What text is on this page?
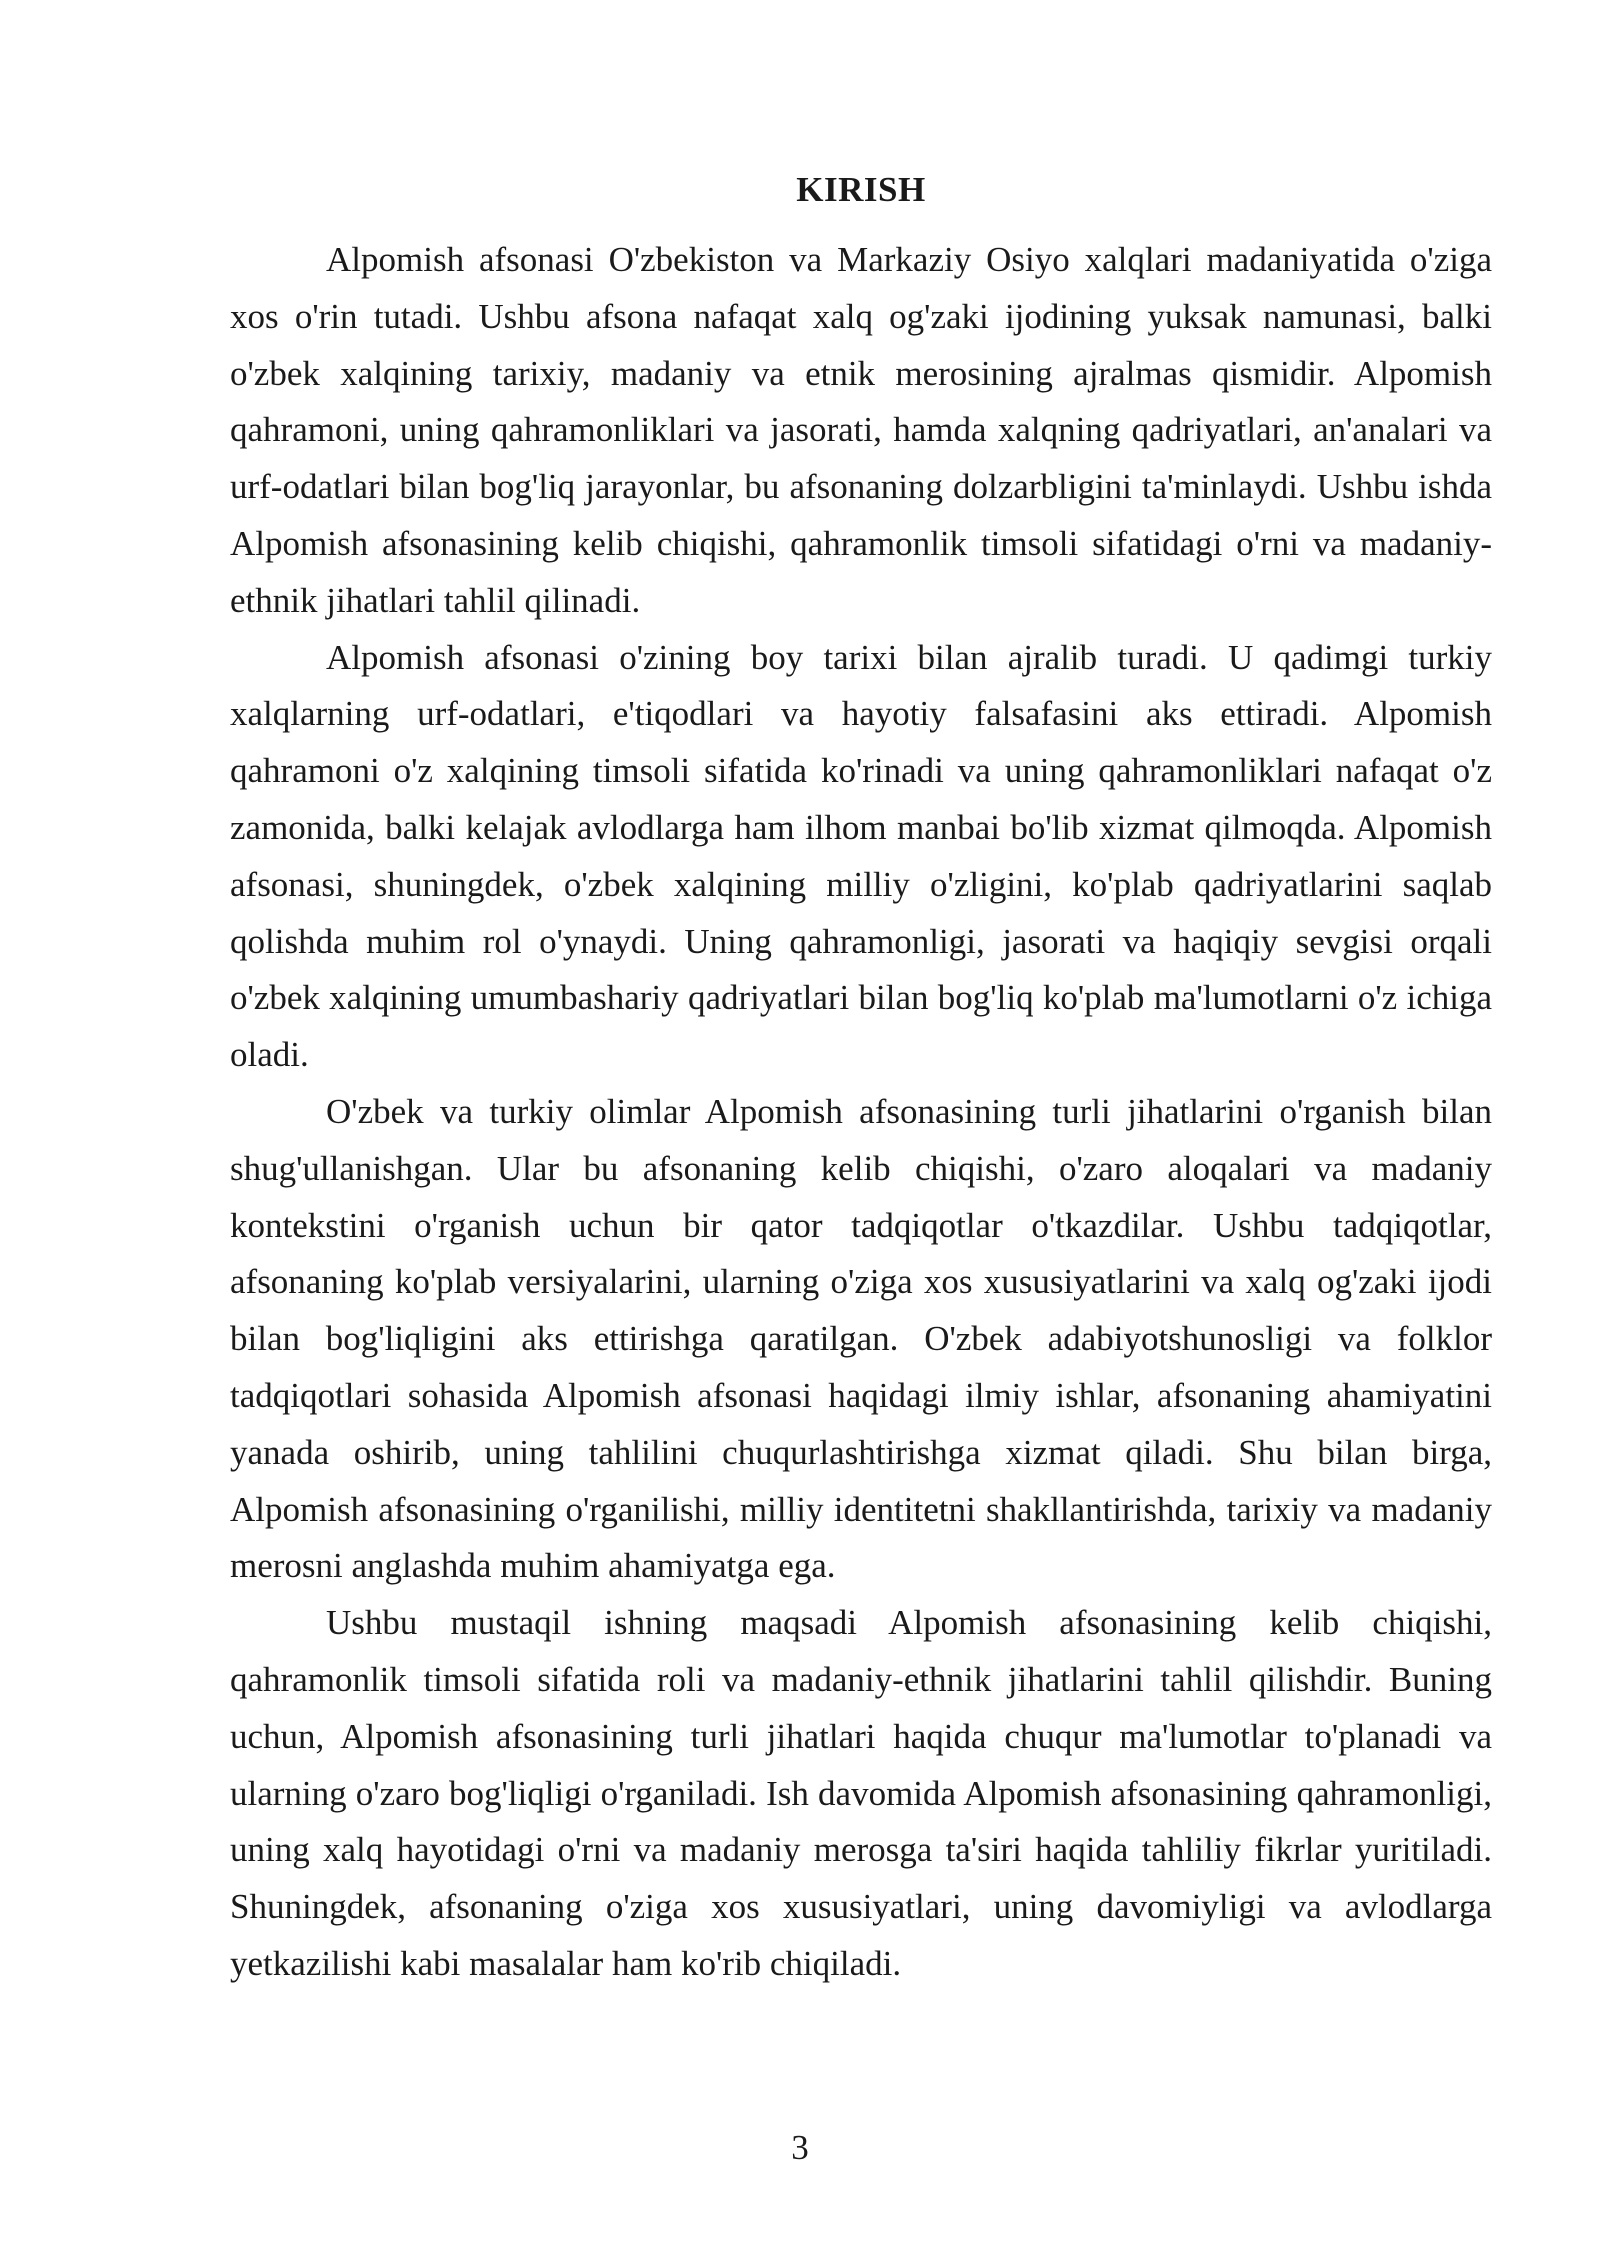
KIRISH

Alpomish afsonasi O'zbekiston va Markaziy Osiyo xalqlari madaniyatida o'ziga xos o'rin tutadi. Ushbu afsona nafaqat xalq og'zaki ijodining yuksak namunasi, balki o'zbek xalqining tarixiy, madaniy va etnik merosining ajralmas qismidir. Alpomish qahramoni, uning qahramonliklari va jasorati, hamda xalqning qadriyatlari, an'analari va urf-odatlari bilan bog'liq jarayonlar, bu afsonaning dolzarbligini ta'minlaydi. Ushbu ishda Alpomish afsonasining kelib chiqishi, qahramonlik timsoli sifatidagi o'rni va madaniy-ethnik jihatlari tahlil qilinadi.

Alpomish afsonasi o'zining boy tarixi bilan ajralib turadi. U qadimgi turkiy xalqlarning urf-odatlari, e'tiqodlari va hayotiy falsafasini aks ettiradi. Alpomish qahramoni o'z xalqining timsoli sifatida ko'rinadi va uning qahramonliklari nafaqat o'z zamonida, balki kelajak avlodlarga ham ilhom manbai bo'lib xizmat qilmoqda. Alpomish afsonasi, shuningdek, o'zbek xalqining milliy o'zligini, ko'plab qadriyatlarini saqlab qolishda muhim rol o'ynaydi. Uning qahramonligi, jasorati va haqiqiy sevgisi orqali o'zbek xalqining umumbashariy qadriyatlari bilan bog'liq ko'plab ma'lumotlarni o'z ichiga oladi.

O'zbek va turkiy olimlar Alpomish afsonasining turli jihatlarini o'rganish bilan shug'ullanishgan. Ular bu afsonaning kelib chiqishi, o'zaro aloqalari va madaniy kontekstini o'rganish uchun bir qator tadqiqotlar o'tkazdilar. Ushbu tadqiqotlar, afsonaning ko'plab versiyalarini, ularning o'ziga xos xususiyatlarini va xalq og'zaki ijodi bilan bog'liqligini aks ettirishga qaratilgan. O'zbek adabiyotshunosligi va folklor tadqiqotlari sohasida Alpomish afsonasi haqidagi ilmiy ishlar, afsonaning ahamiyatini yanada oshirib, uning tahlilini chuqurlashtirishga xizmat qiladi. Shu bilan birga, Alpomish afsonasining o'rganilishi, milliy identitetni shakllantirishda, tarixiy va madaniy merosni anglashda muhim ahamiyatga ega.

Ushbu mustaqil ishning maqsadi Alpomish afsonasining kelib chiqishi, qahramonlik timsoli sifatida roli va madaniy-ethnik jihatlarini tahlil qilishdir. Buning uchun, Alpomish afsonasining turli jihatlari haqida chuqur ma'lumotlar to'planadi va ularning o'zaro bog'liqligi o'rganiladi. Ish davomida Alpomish afsonasining qahramonligi, uning xalq hayotidagi o'rni va madaniy merosga ta'siri haqida tahliliy fikrlar yuritiladi. Shuningdek, afsonaning o'ziga xos xususiyatlari, uning davomiyligi va avlodlarga yetkazilishi kabi masalalar ham ko'rib chiqiladi.

3
